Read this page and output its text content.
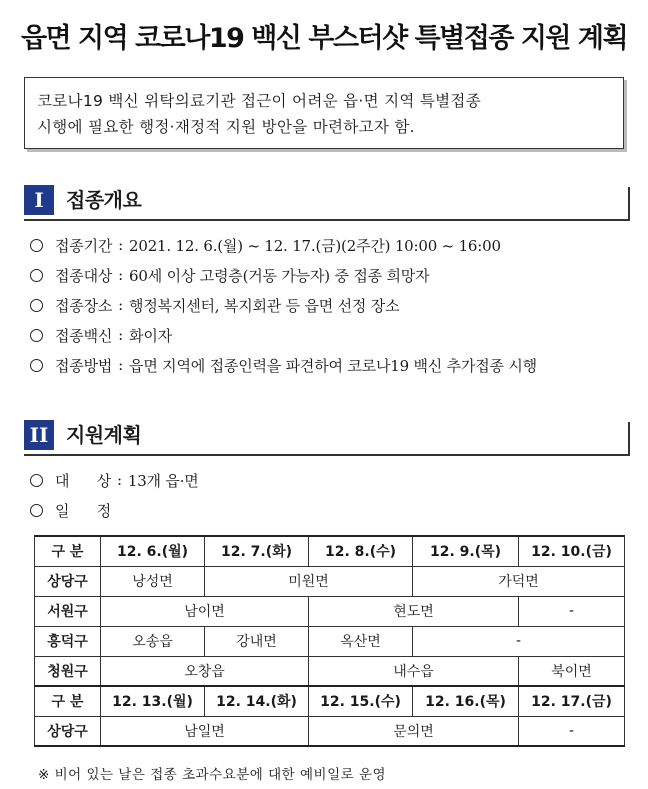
읍면 지역 코로나19 백신 부스터샷 특별접종 지원 계획
코로나19 백신 위탁의료기관 접근이 어려운 읍·면 지역 특별접종
시행에 필요한 행정·재정적 지원 방안을 마련하고자 함.
I	접종개요
접종기간 : 2021. 12. 6.(월) ~ 12. 17.(금)(2주간) 10:00 ~ 16:00
접종대상 : 60세 이상 고령층(거동 가능자) 중 접종 희망자
접종장소 : 행정복지센터, 복지회관 등 읍면 선정 장소
접종백신 : 화이자
접종방법 : 읍면 지역에 접종인력을 파견하여 코로나19 백신 추가접종 시행
II 지원계획
대      상 : 13개 읍·면
일      정
구 분	12. 6.(월)	12. 7.(화)	12. 8.(수)	12. 9.(목)	12. 10.(금)
상당구	낭성면	미원면		가덕면	
서원구	남이면		현도면		-
흥덕구	오송읍	강내면	옥산면	-	
청원구	오창읍		내수읍		북이면
구 분	12. 13.(월)	12. 14.(화)	12. 15.(수)	12. 16.(목)	12. 17.(금)
상당구	남일면		문의면		-
※ 비어 있는 날은 접종 초과수요분에 대한 예비일로 운영
